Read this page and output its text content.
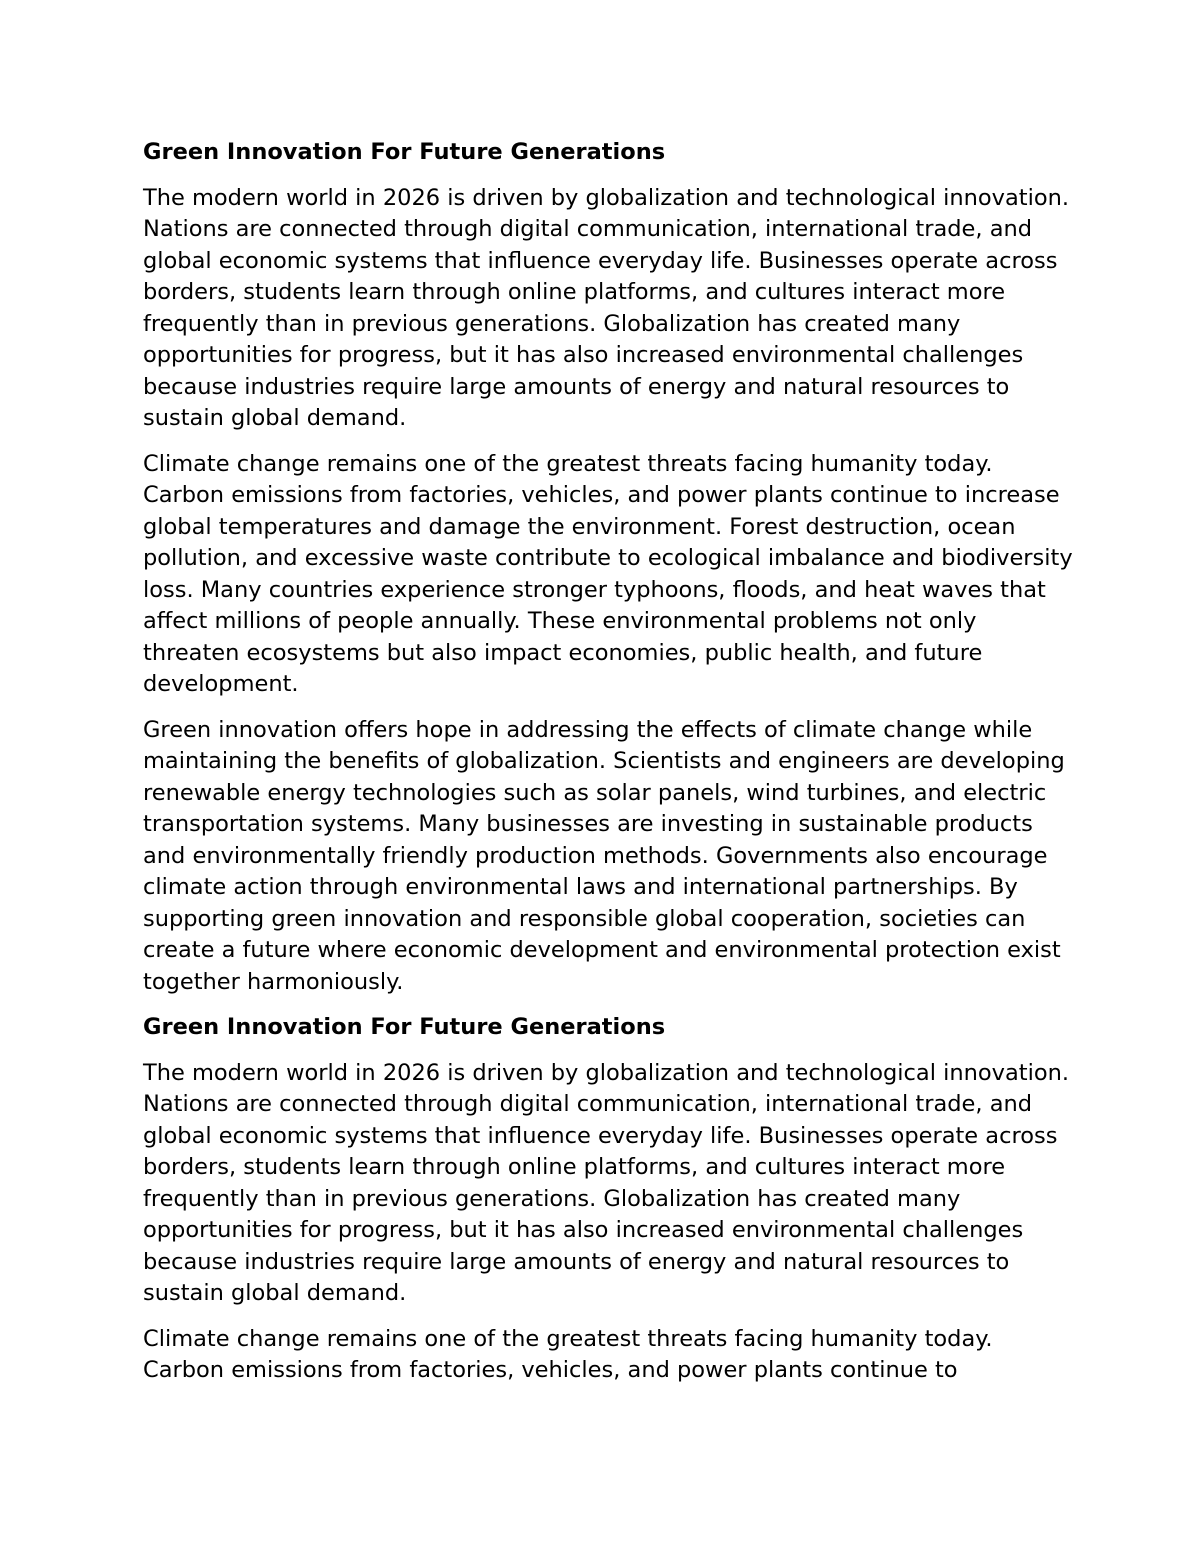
Green Innovation For Future Generations

The modern world in 2026 is driven by globalization and technological innovation. Nations are connected through digital communication, international trade, and global economic systems that influence everyday life. Businesses operate across borders, students learn through online platforms, and cultures interact more frequently than in previous generations. Globalization has created many opportunities for progress, but it has also increased environmental challenges because industries require large amounts of energy and natural resources to sustain global demand.

Climate change remains one of the greatest threats facing humanity today. Carbon emissions from factories, vehicles, and power plants continue to increase global temperatures and damage the environment. Forest destruction, ocean pollution, and excessive waste contribute to ecological imbalance and biodiversity loss. Many countries experience stronger typhoons, floods, and heat waves that affect millions of people annually. These environmental problems not only threaten ecosystems but also impact economies, public health, and future development.

Green innovation offers hope in addressing the effects of climate change while maintaining the benefits of globalization. Scientists and engineers are developing renewable energy technologies such as solar panels, wind turbines, and electric transportation systems. Many businesses are investing in sustainable products and environmentally friendly production methods. Governments also encourage climate action through environmental laws and international partnerships. By supporting green innovation and responsible global cooperation, societies can create a future where economic development and environmental protection exist together harmoniously.

Green Innovation For Future Generations

The modern world in 2026 is driven by globalization and technological innovation. Nations are connected through digital communication, international trade, and global economic systems that influence everyday life. Businesses operate across borders, students learn through online platforms, and cultures interact more frequently than in previous generations. Globalization has created many opportunities for progress, but it has also increased environmental challenges because industries require large amounts of energy and natural resources to sustain global demand.

Climate change remains one of the greatest threats facing humanity today. Carbon emissions from factories, vehicles, and power plants continue to
